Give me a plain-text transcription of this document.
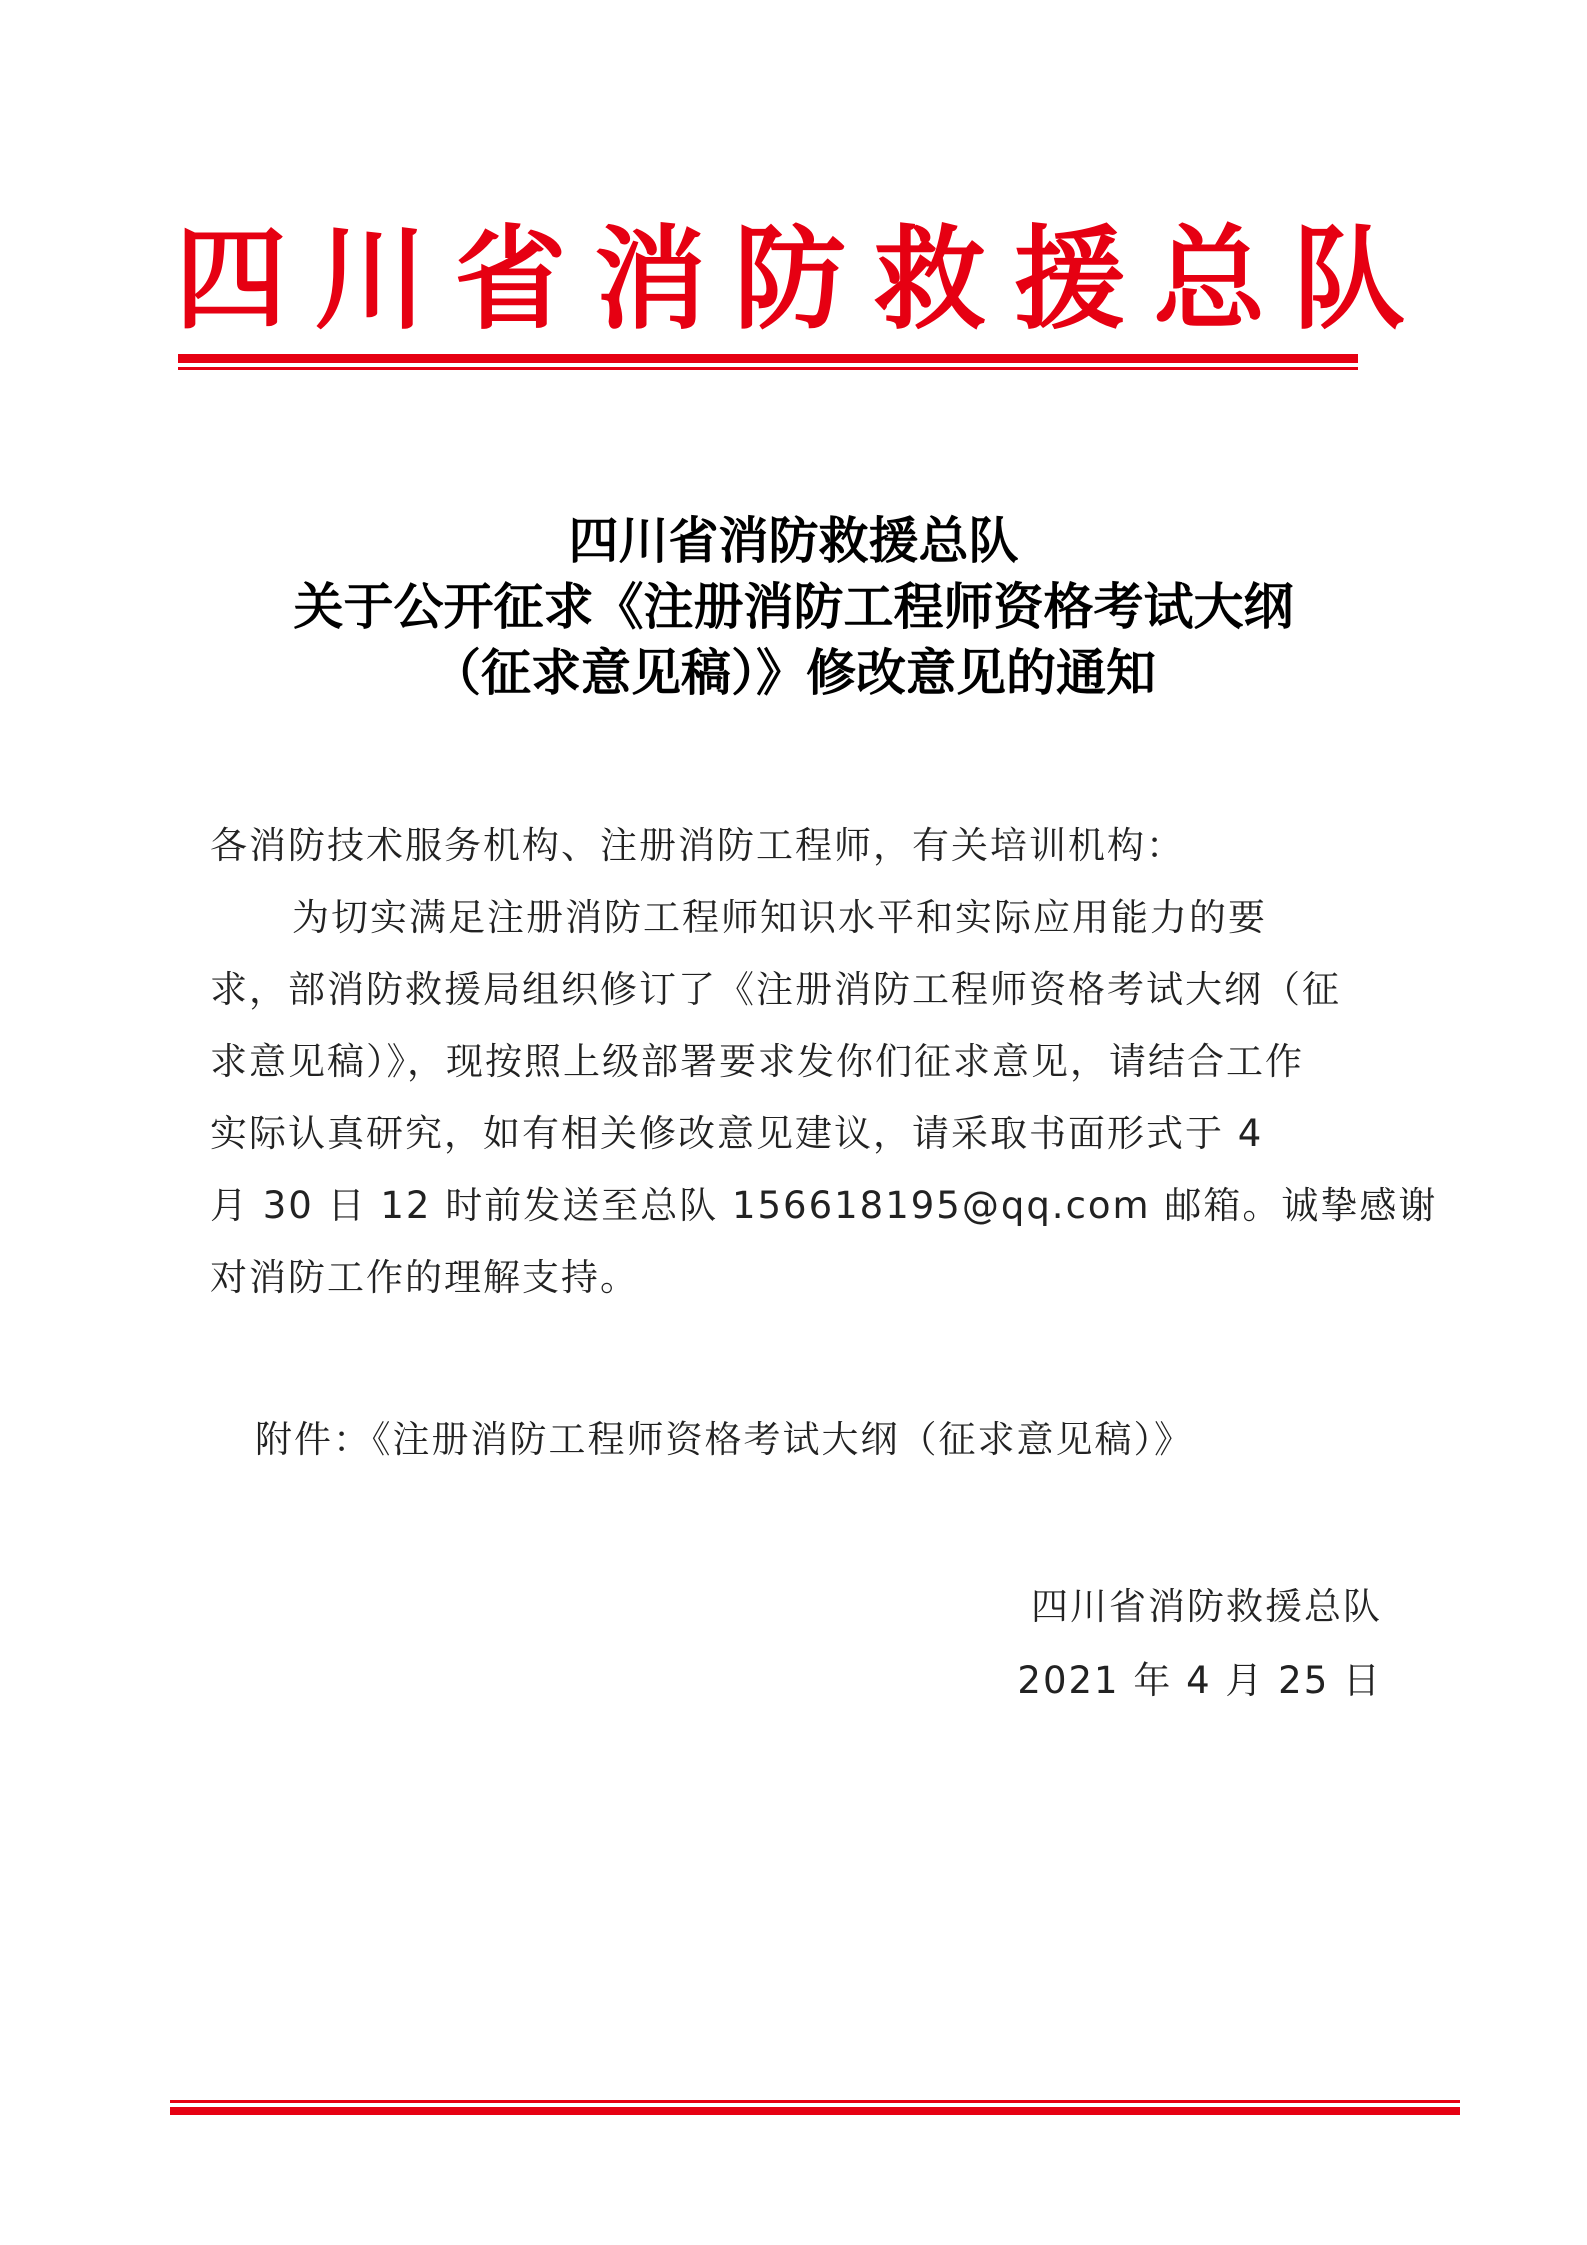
四 川 省 消 防 救 援 总 队
四川省消防救援总队
关于公开征求《注册消防工程师资格考试大纲
（征求意见稿）》修改意见的通知

各消防技术服务机构、注册消防工程师，有关培训机构：

为切实满足注册消防工程师知识水平和实际应用能力的要

求，部消防救援局组织修订了《注册消防工程师资格考试大纲（征

求意见稿）》，现按照上级部署要求发你们征求意见，请结合工作

实际认真研究，如有相关修改意见建议，请采取书面形式于 4

月 30 日 12 时前发送至总队 156618195@qq.com 邮箱。诚挚感谢

对消防工作的理解支持。

附件：《注册消防工程师资格考试大纲（征求意见稿）》
四川省消防救援总队
2021 年 4 月 25 日
